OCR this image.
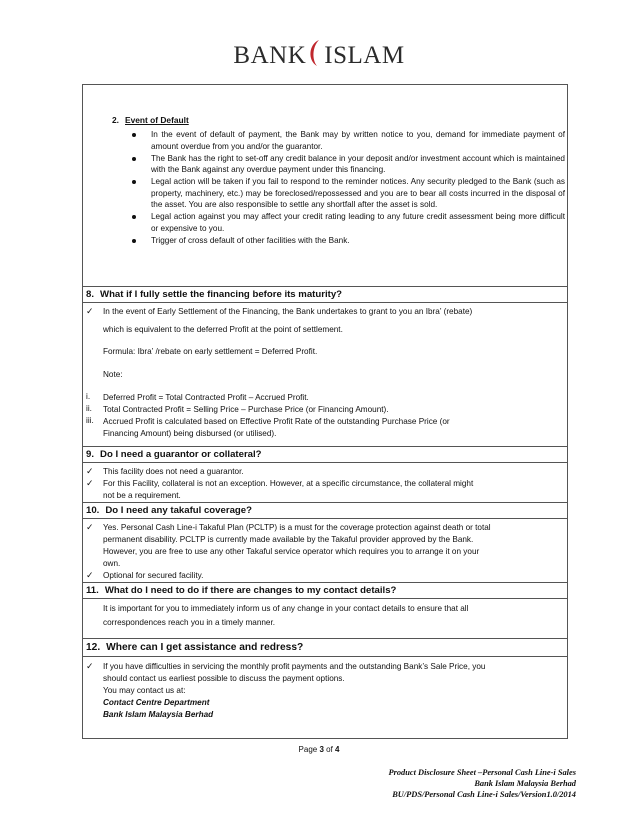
BANK ISLAM
2. Event of Default
In the event of default of payment, the Bank may by written notice to you, demand for immediate payment of amount overdue from you and/or the guarantor.
The Bank has the right to set-off any credit balance in your deposit and/or investment account which is maintained with the Bank against any overdue payment under this financing.
Legal action will be taken if you fail to respond to the reminder notices. Any security pledged to the Bank (such as property, machinery, etc.) may be foreclosed/repossessed and you are to bear all costs incurred in the disposal of the asset. You are also responsible to settle any shortfall after the asset is sold.
Legal action against you may affect your credit rating leading to any future credit assessment being more difficult or expensive to you.
Trigger of cross default of other facilities with the Bank.
8. What if I fully settle the financing before its maturity?
✓ In the event of Early Settlement of the Financing, the Bank undertakes to grant to you an Ibra’ (rebate)
which is equivalent to the deferred Profit at the point of settlement.
Formula: Ibra’ /rebate on early settlement = Deferred Profit.
Note:
i. Deferred Profit = Total Contracted Profit – Accrued Profit.
ii. Total Contracted Profit = Selling Price – Purchase Price (or Financing Amount).
iii. Accrued Profit is calculated based on Effective Profit Rate of the outstanding Purchase Price (or
Financing Amount) being disbursed (or utilised).
9. Do I need a guarantor or collateral?
✓ This facility does not need a guarantor.
✓ For this Facility, collateral is not an exception. However, at a specific circumstance, the collateral might
not be a requirement.
10. Do I need any takaful coverage?
✓ Yes. Personal Cash Line-i Takaful Plan (PCLTP) is a must for the coverage protection against death or total
permanent disability. PCLTP is currently made available by the Takaful provider approved by the Bank.
However, you are free to use any other Takaful service operator which requires you to arrange it on your
own.
✓ Optional for secured facility.
11. What do I need to do if there are changes to my contact details?
It is important for you to immediately inform us of any change in your contact details to ensure that all
correspondences reach you in a timely manner.
12. Where can I get assistance and redress?
✓ If you have difficulties in servicing the monthly profit payments and the outstanding Bank’s Sale Price, you
should contact us earliest possible to discuss the payment options.
You may contact us at:
Contact Centre Department
Bank Islam Malaysia Berhad
Page 3 of 4
Product Disclosure Sheet –Personal Cash Line-i Sales
Bank Islam Malaysia Berhad
BU/PDS/Personal Cash Line-i Sales/Version1.0/2014
